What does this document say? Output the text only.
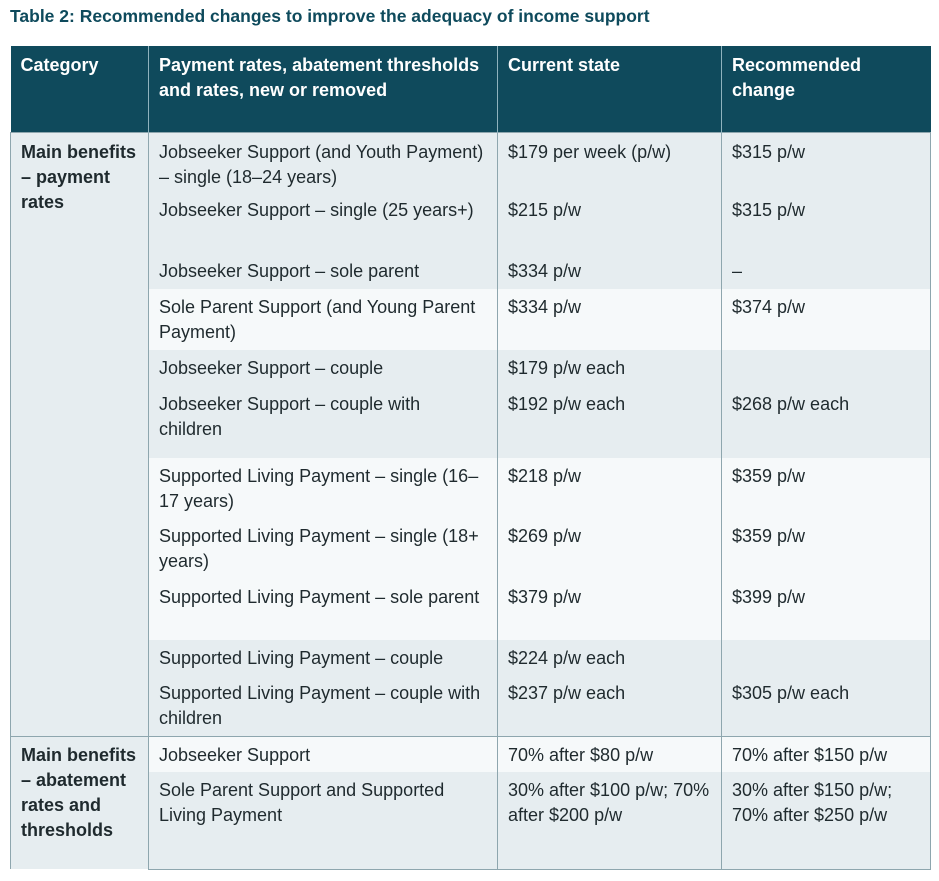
Table 2: Recommended changes to improve the adequacy of income support
Category	Payment rates, abatement thresholds and rates, new or removed	Current state	Recommended change
Main benefits – payment rates	Jobseeker Support (and Youth Payment) – single (18–24 years)	$179 per week (p/w)	$315 p/w
	Jobseeker Support – single (25 years+)	$215 p/w	$315 p/w
	Jobseeker Support – sole parent	$334 p/w	–
	Sole Parent Support (and Young Parent Payment)	$334 p/w	$374 p/w
	Jobseeker Support – couple	$179 p/w each	
	Jobseeker Support – couple with children	$192 p/w each	$268 p/w each
	Supported Living Payment – single (16–17 years)	$218 p/w	$359 p/w
	Supported Living Payment – single (18+ years)	$269 p/w	$359 p/w
	Supported Living Payment – sole parent	$379 p/w	$399 p/w
	Supported Living Payment – couple	$224 p/w each	
	Supported Living Payment – couple with children	$237 p/w each	$305 p/w each
Main benefits – abatement rates and thresholds	Jobseeker Support	70% after $80 p/w	70% after $150 p/w
	Sole Parent Support and Supported Living Payment	30% after $100 p/w; 70% after $200 p/w	30% after $150 p/w; 70% after $250 p/w
